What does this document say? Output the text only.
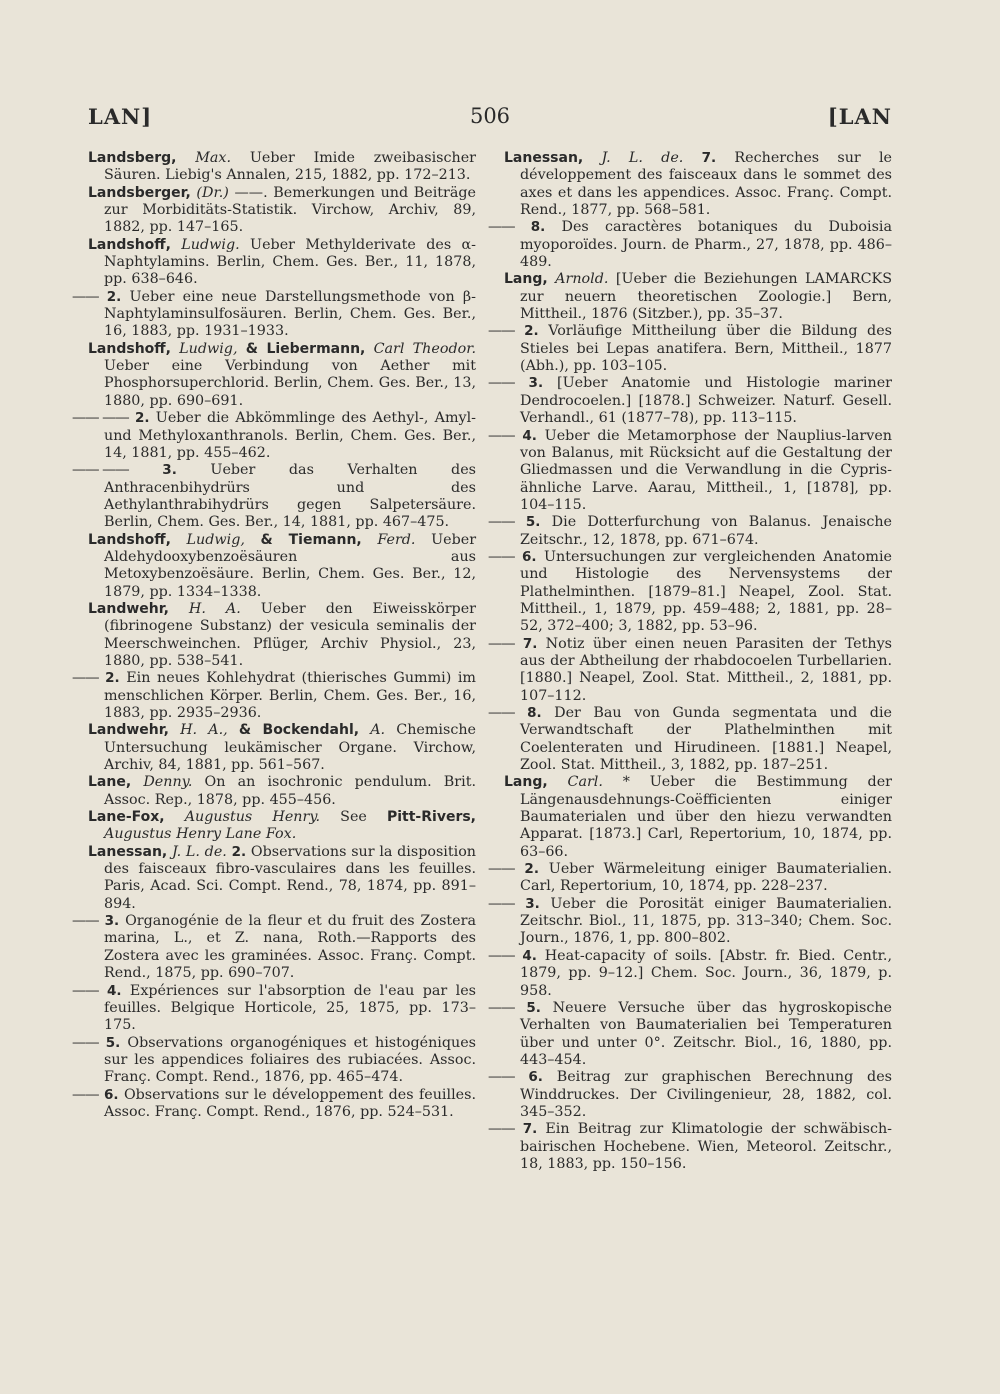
LAN]	506	[LAN

Landsberg, Max. Ueber Imide zweibasischer Säuren. Liebig's Annalen, 215, 1882, pp. 172–213.

Landsberger, (Dr.) ——. Bemerkungen und Beiträge zur Morbiditäts-Statistik. Virchow, Archiv, 89, 1882, pp. 147–165.

Landshoff, Ludwig. Ueber Methylderivate des α-Naphtylamins. Berlin, Chem. Ges. Ber., 11, 1878, pp. 638–646.

—— 2. Ueber eine neue Darstellungsmethode von β-Naphtylaminsulfosäuren. Berlin, Chem. Ges. Ber., 16, 1883, pp. 1931–1933.

Landshoff, Ludwig, & Liebermann, Carl Theodor. Ueber eine Verbindung von Aether mit Phosphorsuperchlorid. Berlin, Chem. Ges. Ber., 13, 1880, pp. 690–691.

—— —— 2. Ueber die Abkömmlinge des Aethyl-, Amyl- und Methyloxanthranols. Berlin, Chem. Ges. Ber., 14, 1881, pp. 455–462.

—— —— 3. Ueber das Verhalten des Anthracenbihydrürs und des Aethylanthrabihydrürs gegen Salpetersäure. Berlin, Chem. Ges. Ber., 14, 1881, pp. 467–475.

Landshoff, Ludwig, & Tiemann, Ferd. Ueber Aldehydooxybenzoësäuren aus Metoxybenzoësäure. Berlin, Chem. Ges. Ber., 12, 1879, pp. 1334–1338.

Landwehr, H. A. Ueber den Eiweisskörper (fibrinogene Substanz) der vesicula seminalis der Meerschweinchen. Pflüger, Archiv Physiol., 23, 1880, pp. 538–541.

—— 2. Ein neues Kohlehydrat (thierisches Gummi) im menschlichen Körper. Berlin, Chem. Ges. Ber., 16, 1883, pp. 2935–2936.

Landwehr, H. A., & Bockendahl, A. Chemische Untersuchung leukämischer Organe. Virchow, Archiv, 84, 1881, pp. 561–567.

Lane, Denny. On an isochronic pendulum. Brit. Assoc. Rep., 1878, pp. 455–456.

Lane-Fox, Augustus Henry. See Pitt-Rivers, Augustus Henry Lane Fox.

Lanessan, J. L. de. 2. Observations sur la disposition des faisceaux fibro-vasculaires dans les feuilles. Paris, Acad. Sci. Compt. Rend., 78, 1874, pp. 891–894.

—— 3. Organogénie de la fleur et du fruit des Zostera marina, L., et Z. nana, Roth.—Rapports des Zostera avec les graminées. Assoc. Franç. Compt. Rend., 1875, pp. 690–707.

—— 4. Expériences sur l'absorption de l'eau par les feuilles. Belgique Horticole, 25, 1875, pp. 173–175.

—— 5. Observations organogéniques et histogéniques sur les appendices foliaires des rubiacées. Assoc. Franç. Compt. Rend., 1876, pp. 465–474.

—— 6. Observations sur le développement des feuilles. Assoc. Franç. Compt. Rend., 1876, pp. 524–531.

Lanessan, J. L. de. 7. Recherches sur le développement des faisceaux dans le sommet des axes et dans les appendices. Assoc. Franç. Compt. Rend., 1877, pp. 568–581.

—— 8. Des caractères botaniques du Duboisia myoporoïdes. Journ. de Pharm., 27, 1878, pp. 486–489.

Lang, Arnold. [Ueber die Beziehungen LAMARCKS zur neuern theoretischen Zoologie.] Bern, Mittheil., 1876 (Sitzber.), pp. 35–37.

—— 2. Vorläufige Mittheilung über die Bildung des Stieles bei Lepas anatifera. Bern, Mittheil., 1877 (Abh.), pp. 103–105.

—— 3. [Ueber Anatomie und Histologie mariner Dendrocoelen.] [1878.] Schweizer. Naturf. Gesell. Verhandl., 61 (1877–78), pp. 113–115.

—— 4. Ueber die Metamorphose der Nauplius-larven von Balanus, mit Rücksicht auf die Gestaltung der Gliedmassen und die Verwandlung in die Cypris-ähnliche Larve. Aarau, Mittheil., 1, [1878], pp. 104–115.

—— 5. Die Dotterfurchung von Balanus. Jenaische Zeitschr., 12, 1878, pp. 671–674.

—— 6. Untersuchungen zur vergleichenden Anatomie und Histologie des Nervensystems der Plathelminthen. [1879–81.] Neapel, Zool. Stat. Mittheil., 1, 1879, pp. 459–488; 2, 1881, pp. 28–52, 372–400; 3, 1882, pp. 53–96.

—— 7. Notiz über einen neuen Parasiten der Tethys aus der Abtheilung der rhabdocoelen Turbellarien. [1880.] Neapel, Zool. Stat. Mittheil., 2, 1881, pp. 107–112.

—— 8. Der Bau von Gunda segmentata und die Verwandtschaft der Plathelminthen mit Coelenteraten und Hirudineen. [1881.] Neapel, Zool. Stat. Mittheil., 3, 1882, pp. 187–251.

Lang, Carl. * Ueber die Bestimmung der Längenausdehnungs-Coëfficienten einiger Baumaterialen und über den hiezu verwandten Apparat. [1873.] Carl, Repertorium, 10, 1874, pp. 63–66.

—— 2. Ueber Wärmeleitung einiger Baumaterialien. Carl, Repertorium, 10, 1874, pp. 228–237.

—— 3. Ueber die Porosität einiger Baumaterialien. Zeitschr. Biol., 11, 1875, pp. 313–340; Chem. Soc. Journ., 1876, 1, pp. 800–802.

—— 4. Heat-capacity of soils. [Abstr. fr. Bied. Centr., 1879, pp. 9–12.] Chem. Soc. Journ., 36, 1879, p. 958.

—— 5. Neuere Versuche über das hygroskopische Verhalten von Baumaterialien bei Temperaturen über und unter 0°. Zeitschr. Biol., 16, 1880, pp. 443–454.

—— 6. Beitrag zur graphischen Berechnung des Winddruckes. Der Civilingenieur, 28, 1882, col. 345–352.

—— 7. Ein Beitrag zur Klimatologie der schwäbisch-bairischen Hochebene. Wien, Meteorol. Zeitschr., 18, 1883, pp. 150–156.
